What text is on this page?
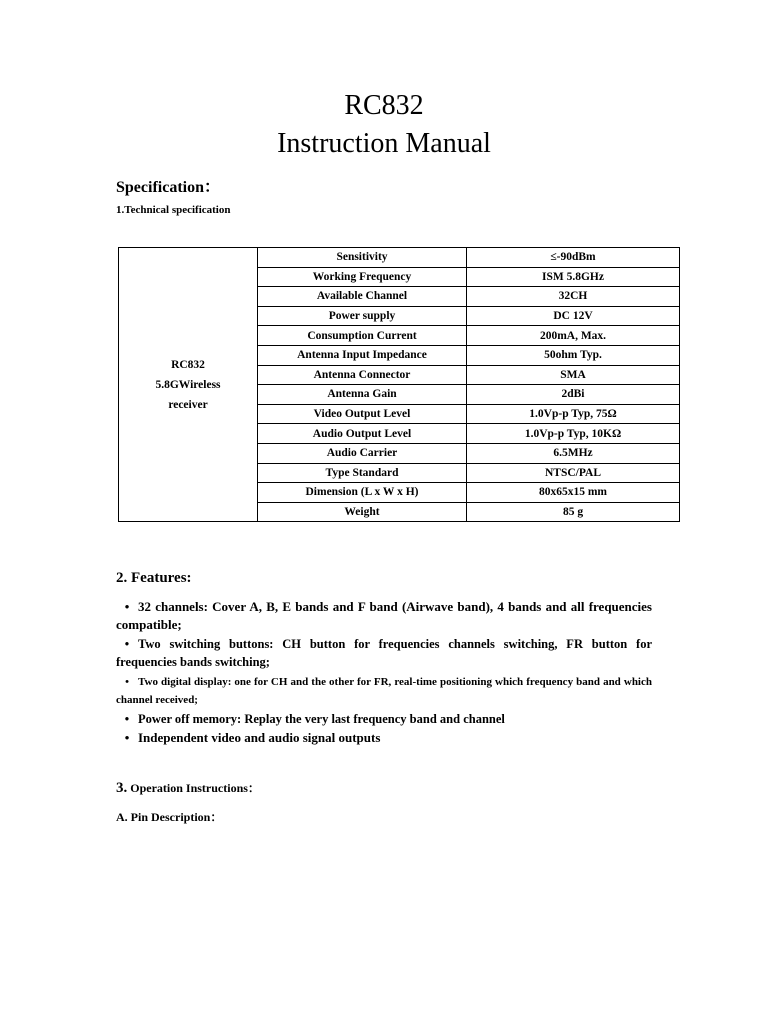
RC832
Instruction Manual
Specification：
1.Technical specification
RC832
5.8GWireless
receiver	Sensitivity	≤-90dBm
	Working Frequency	ISM 5.8GHz
	Available Channel	32CH
	Power supply	DC 12V
	Consumption Current	200mA, Max.
	Antenna Input Impedance	50ohm Typ.
	Antenna Connector	SMA
	Antenna Gain	2dBi
	Video Output Level	1.0Vp-p Typ, 75Ω
	Audio Output Level	1.0Vp-p Typ, 10KΩ
	Audio Carrier	6.5MHz
	Type Standard	NTSC/PAL
	Dimension (L x W x H)	80x65x15 mm
	Weight	85 g
2. Features:

• 32 channels: Cover A, B, E bands and F band (Airwave band), 4 bands and all frequencies compatible;

• Two switching buttons: CH button for frequencies channels switching, FR button for frequencies bands switching;

• Two digital display: one for CH and the other for FR, real-time positioning which frequency band and which channel received;

• Power off memory: Replay the very last frequency band and channel

• Independent video and audio signal outputs

3. Operation Instructions：
A. Pin Description：
